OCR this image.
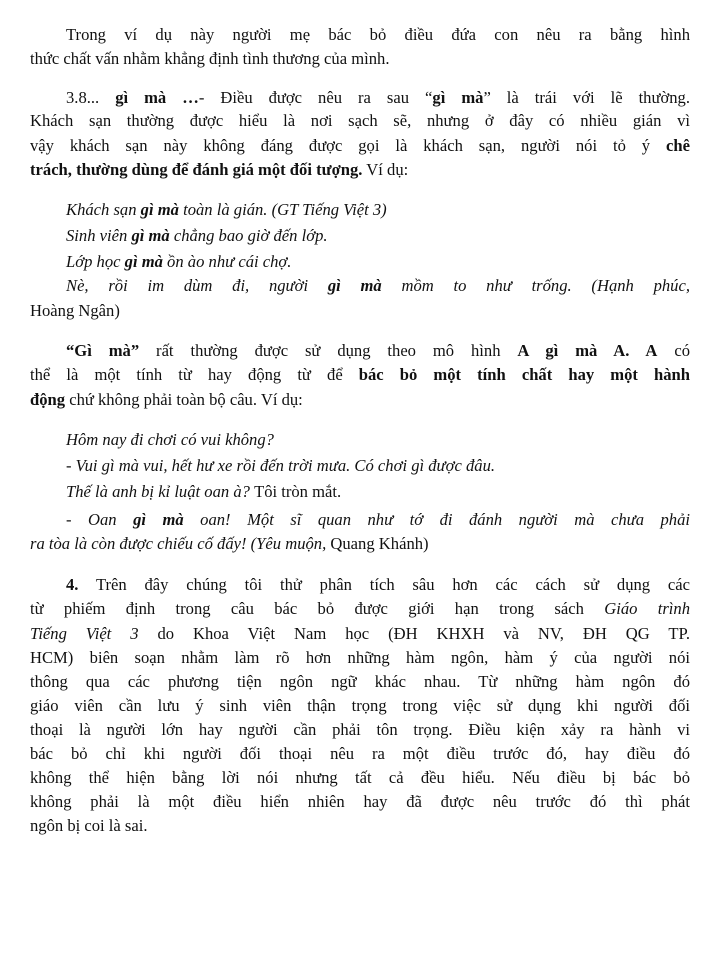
Trong ví dụ này người mẹ bác bỏ điều đứa con nêu ra bằng hình
thức chất vấn nhằm khẳng định tình thương của mình.
3.8... gì mà …- Điều được nêu ra sau “gì mà” là trái với lẽ thường.
Khách sạn thường được hiểu là nơi sạch sẽ, nhưng ở đây có nhiều gián vì
vậy khách sạn này không đáng được gọi là khách sạn, người nói tỏ ý chê
trách, thường dùng để đánh giá một đối tượng. Ví dụ:
Khách sạn gì mà toàn là gián. (GT Tiếng Việt 3)
Sinh viên gì mà chẳng bao giờ đến lớp.
Lớp học gì mà ồn ào như cái chợ.
Nè, rồi im dùm đi, người gì mà mồm to như trống. (Hạnh phúc,
Hoàng Ngân)
“Gì mà” rất thường được sử dụng theo mô hình A gì mà A. A có
thể là một tính từ hay động từ để bác bỏ một tính chất hay một hành
động chứ không phải toàn bộ câu. Ví dụ:
Hôm nay đi chơi có vui không?
- Vui gì mà vui, hết hư xe rồi đến trời mưa. Có chơi gì được đâu.
Thế là anh bị kỉ luật oan à? Tôi tròn mắt.
- Oan gì mà oan! Một sĩ quan như tớ đi đánh người mà chưa phải
ra tòa là còn được chiếu cố đấy! (Yêu muộn, Quang Khánh)
4. Trên đây chúng tôi thử phân tích sâu hơn các cách sử dụng các
từ phiếm định trong câu bác bỏ được giới hạn trong sách Giáo trình
Tiếng Việt 3 do Khoa Việt Nam học (ĐH KHXH và NV, ĐH QG TP.
HCM) biên soạn nhằm làm rõ hơn những hàm ngôn, hàm ý của người nói
thông qua các phương tiện ngôn ngữ khác nhau. Từ những hàm ngôn đó
giáo viên cần lưu ý sinh viên thận trọng trong việc sử dụng khi người đối
thoại là người lớn hay người cần phải tôn trọng. Điều kiện xảy ra hành vi
bác bỏ chỉ khi người đối thoại nêu ra một điều trước đó, hay điều đó
không thể hiện bằng lời nói nhưng tất cả đều hiểu. Nếu điều bị bác bỏ
không phải là một điều hiển nhiên hay đã được nêu trước đó thì phát
ngôn bị coi là sai.
